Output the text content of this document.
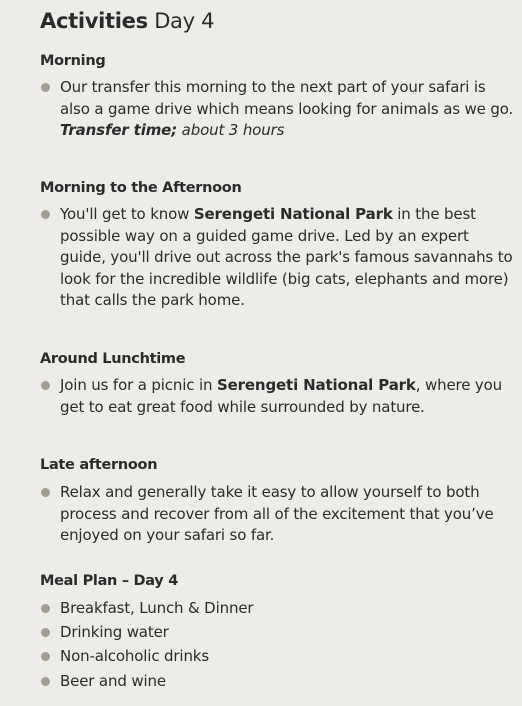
Activities Day 4
Morning
Our transfer this morning to the next part of your safari is also a game drive which means looking for animals as we go.
Transfer time; about 3 hours
Morning to the Afternoon
You'll get to know Serengeti National Park in the best possible way on a guided game drive. Led by an expert guide, you'll drive out across the park's famous savannahs to look for the incredible wildlife (big cats, elephants and more) that calls the park home.
Around Lunchtime
Join us for a picnic in Serengeti National Park, where you get to eat great food while surrounded by nature.
Late afternoon
Relax and generally take it easy to allow yourself to both process and recover from all of the excitement that you’ve enjoyed on your safari so far.
Meal Plan – Day 4
Breakfast, Lunch & Dinner
Drinking water
Non-alcoholic drinks
Beer and wine
